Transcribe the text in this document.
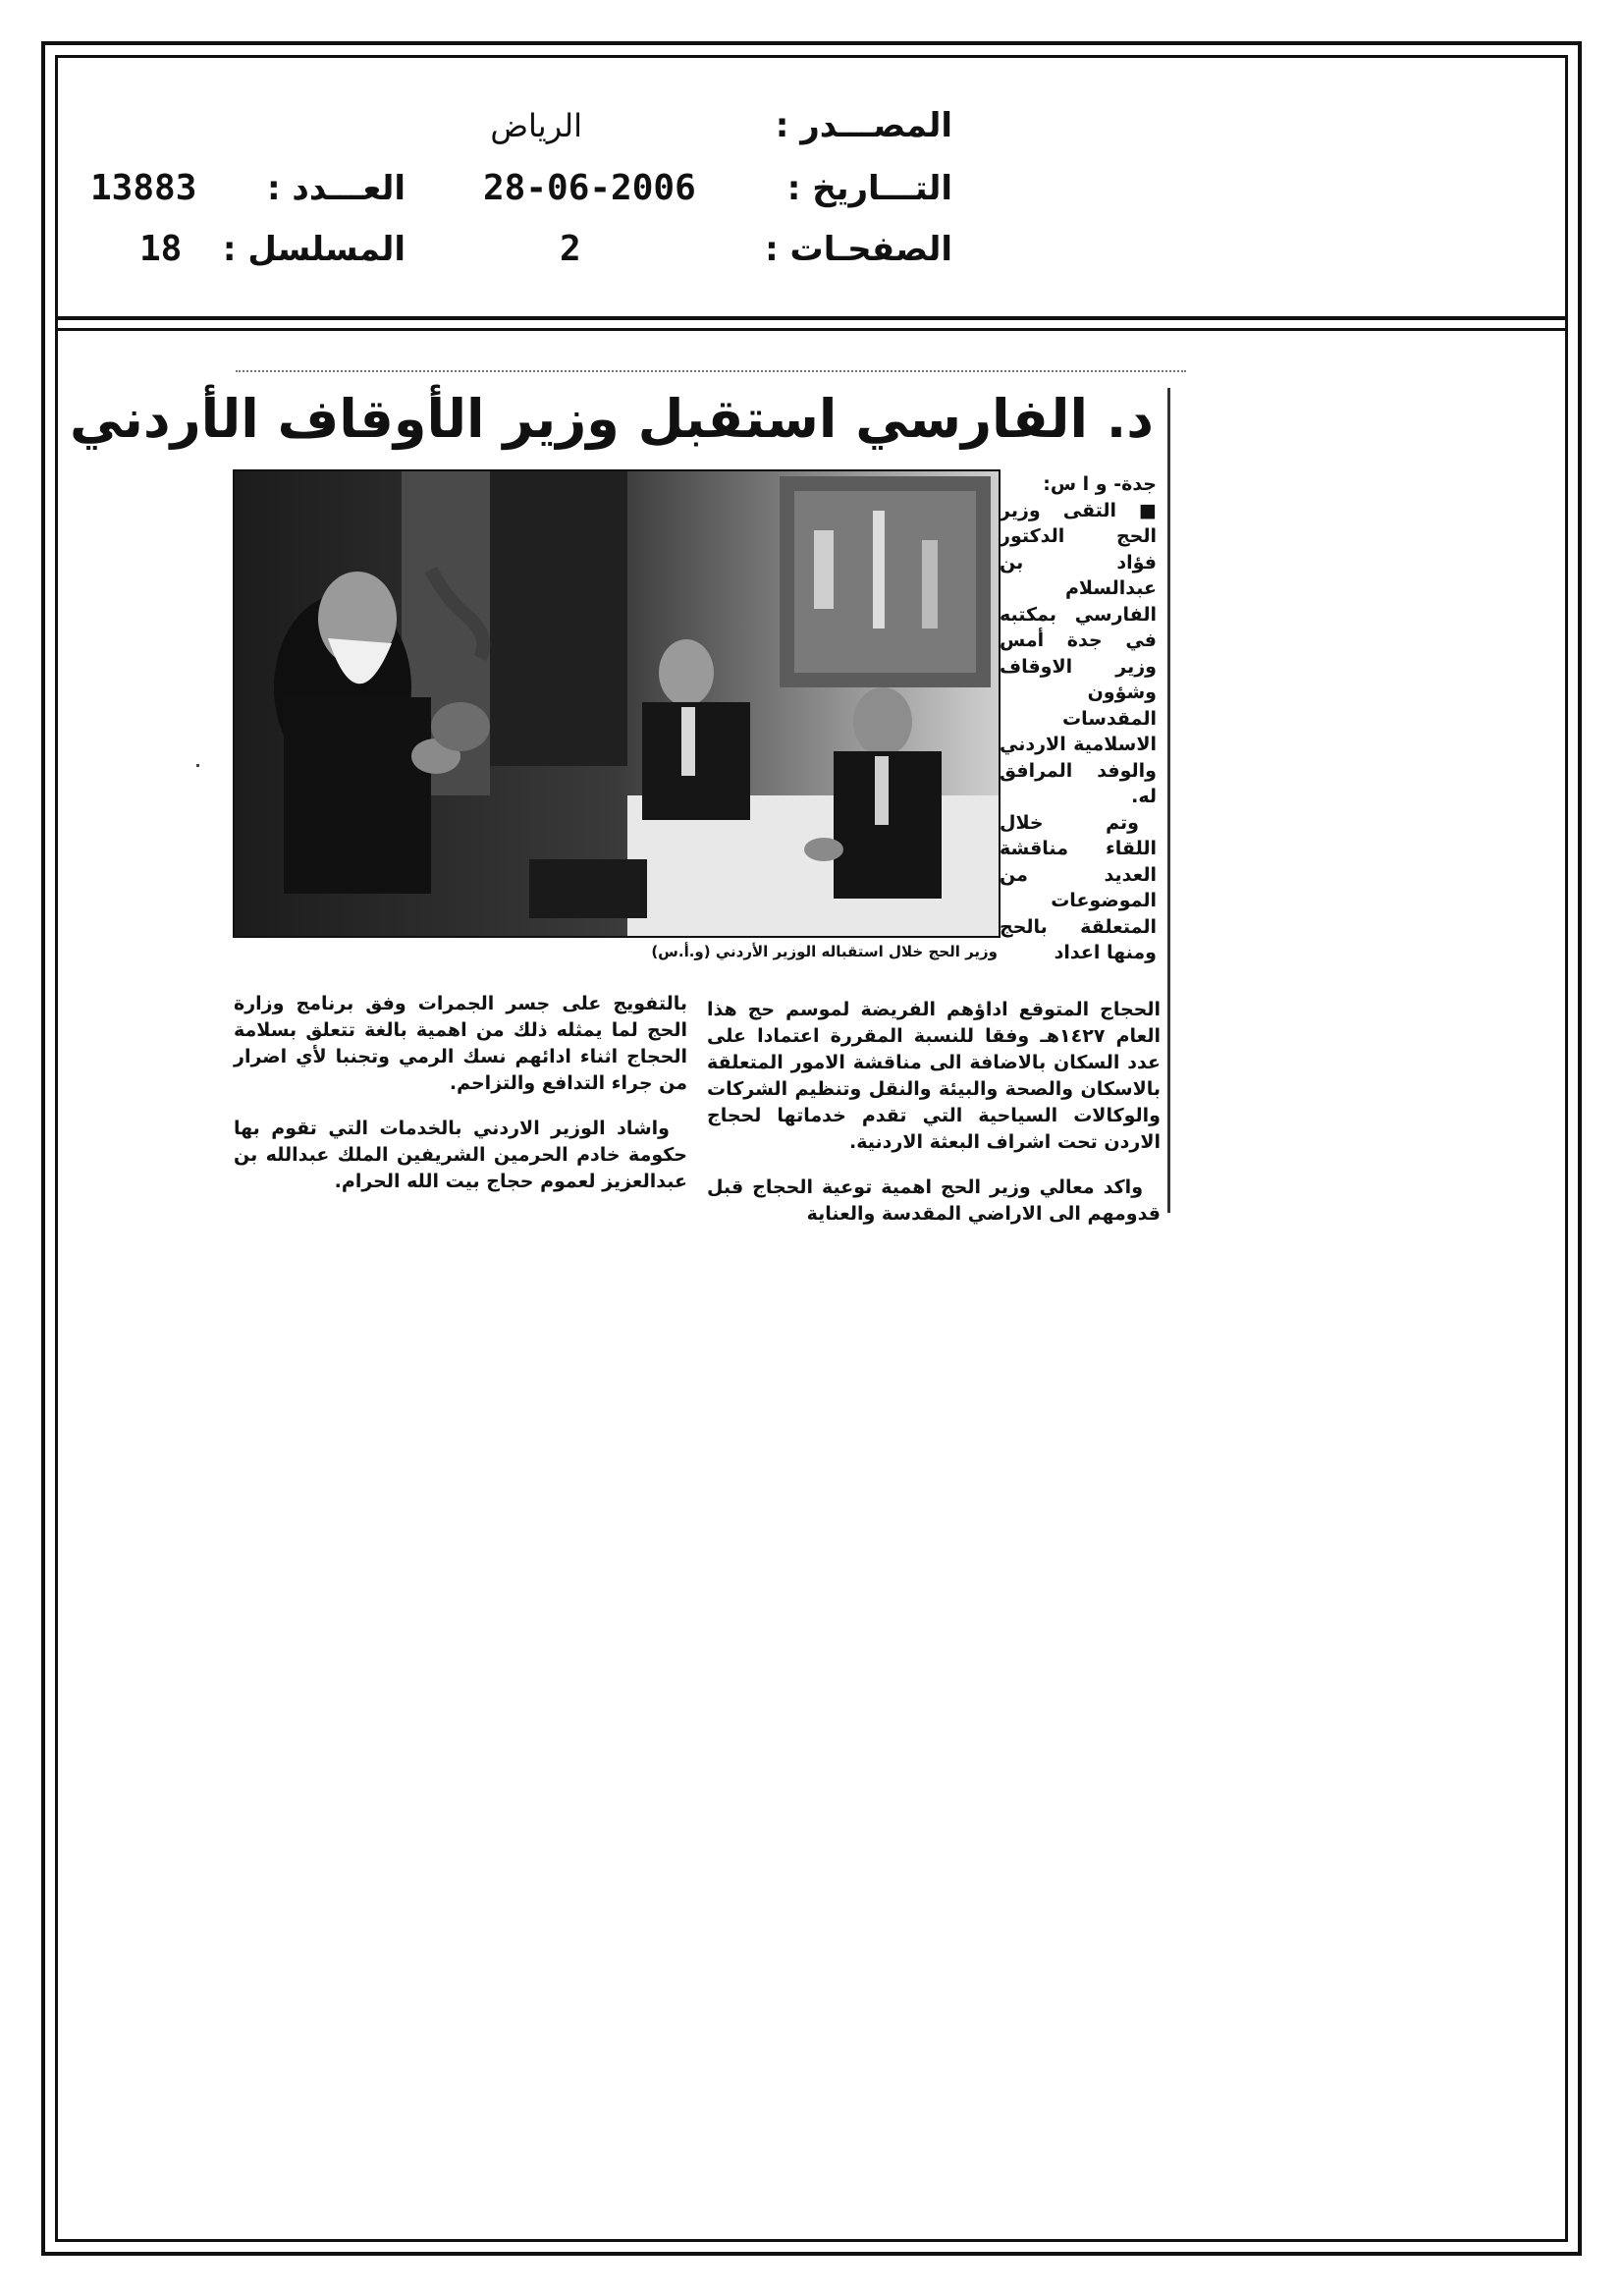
المصـــدر :
الرياض
التـــاريخ :
28-06-2006
العـــدد :
13883
الصفحـات :
2
المسلسل :
18
د. الفارسي استقبل وزير الأوقاف الأردني
وزير الحج خلال استقباله الوزير الأردني (و.أ.س)

جدة- و ا س:

■ التقى وزير الحج الدكتور فؤاد بن عبدالسلام الفارسي بمكتبه في جدة أمس وزير الاوقاف وشؤون المقدسات الاسلامية الاردني والوفد المرافق له.

وتم خلال اللقاء مناقشة العديد من الموضوعات المتعلقة بالحج ومنها اعداد

الحجاج المتوقع اداؤهم الفريضة لموسم حج هذا العام ١٤٢٧هـ وفقا للنسبة المقررة اعتمادا على عدد السكان بالاضافة الى مناقشة الامور المتعلقة بالاسكان والصحة والبيئة والنقل وتنظيم الشركات والوكالات السياحية التي تقدم خدماتها لحجاج الاردن تحت اشراف البعثة الاردنية.

واكد معالي وزير الحج اهمية توعية الحجاج قبل قدومهم الى الاراضي المقدسة والعناية

بالتفويج على جسر الجمرات وفق برنامج وزارة الحج لما يمثله ذلك من اهمية بالغة تتعلق بسلامة الحجاج اثناء ادائهم نسك الرمي وتجنبا لأي اضرار من جراء التدافع والتزاحم.

واشاد الوزير الاردني بالخدمات التي تقوم بها حكومة خادم الحرمين الشريفين الملك عبدالله بن عبدالعزيز لعموم حجاج بيت الله الحرام.
